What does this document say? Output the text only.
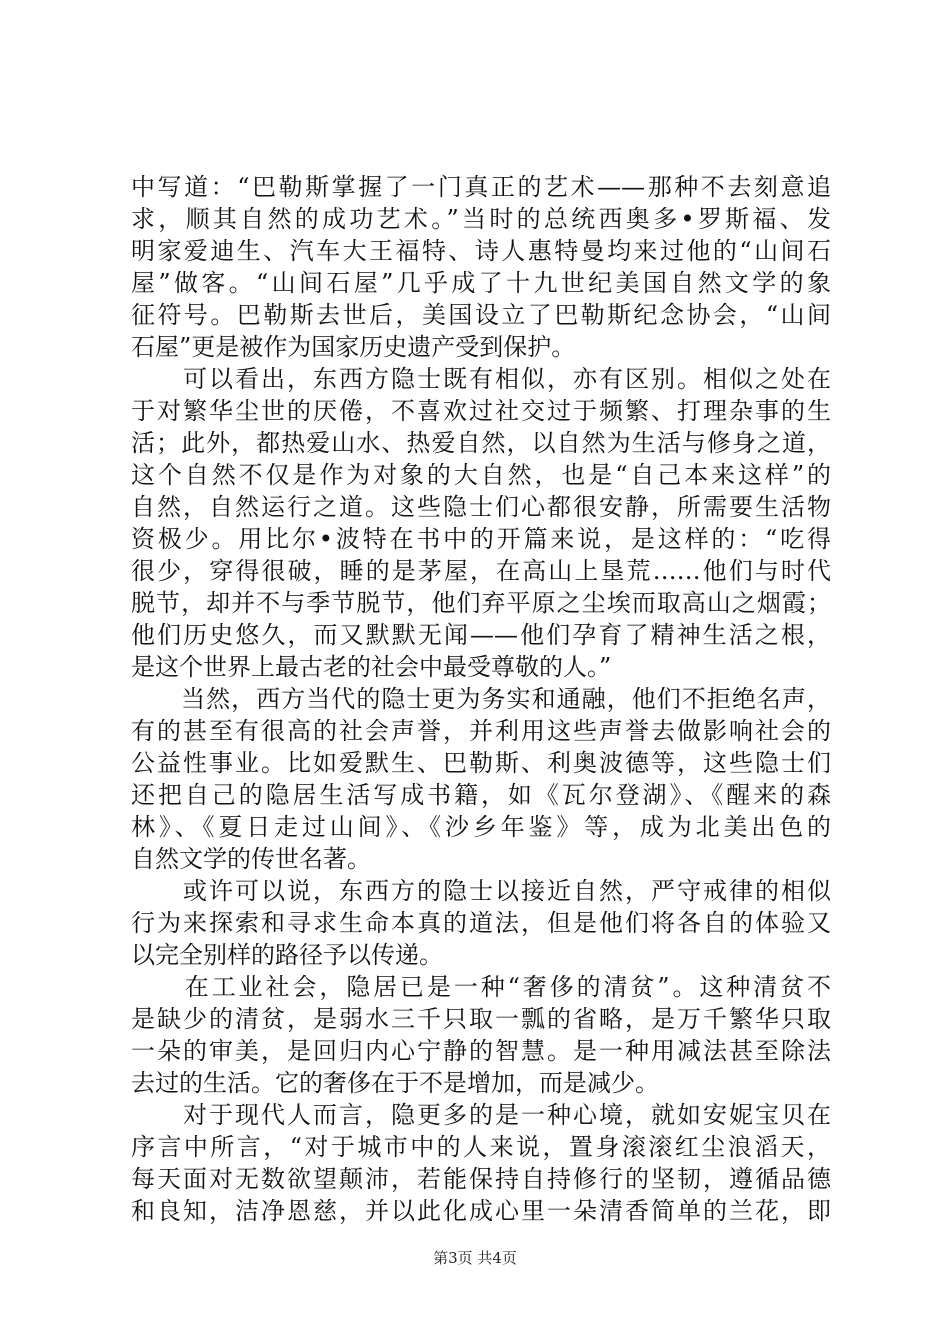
中写道：“巴勒斯掌握了一门真正的艺术——那种不去刻意追
求，顺其自然的成功艺术。”当时的总统西奥多•罗斯福、发
明家爱迪生、汽车大王福特、诗人惠特曼均来过他的“山间石
屋”做客。“山间石屋”几乎成了十九世纪美国自然文学的象
征符号。巴勒斯去世后，美国设立了巴勒斯纪念协会，“山间
石屋”更是被作为国家历史遗产受到保护。
　　可以看出，东西方隐士既有相似，亦有区别。相似之处在
于对繁华尘世的厌倦，不喜欢过社交过于频繁、打理杂事的生
活；此外，都热爱山水、热爱自然，以自然为生活与修身之道，
这个自然不仅是作为对象的大自然，也是“自己本来这样”的
自然，自然运行之道。这些隐士们心都很安静，所需要生活物
资极少。用比尔•波特在书中的开篇来说，是这样的：“吃得
很少，穿得很破，睡的是茅屋，在高山上垦荒……他们与时代
脱节，却并不与季节脱节，他们弃平原之尘埃而取高山之烟霞；
他们历史悠久，而又默默无闻——他们孕育了精神生活之根，
是这个世界上最古老的社会中最受尊敬的人。”
　　当然，西方当代的隐士更为务实和通融，他们不拒绝名声，
有的甚至有很高的社会声誉，并利用这些声誉去做影响社会的
公益性事业。比如爱默生、巴勒斯、利奥波德等，这些隐士们
还把自己的隐居生活写成书籍，如《瓦尔登湖》、《醒来的森
林》、《夏日走过山间》、《沙乡年鉴》等，成为北美出色的
自然文学的传世名著。
　　或许可以说，东西方的隐士以接近自然，严守戒律的相似
行为来探索和寻求生命本真的道法，但是他们将各自的体验又
以完全别样的路径予以传递。
　　在工业社会，隐居已是一种“奢侈的清贫”。这种清贫不
是缺少的清贫，是弱水三千只取一瓢的省略，是万千繁华只取
一朵的审美，是回归内心宁静的智慧。是一种用减法甚至除法
去过的生活。它的奢侈在于不是增加，而是减少。
　　对于现代人而言，隐更多的是一种心境，就如安妮宝贝在
序言中所言，“对于城市中的人来说，置身滚滚红尘浪滔天，
每天面对无数欲望颠沛，若能保持自持修行的坚韧，遵循品德
和良知，洁净恩慈，并以此化成心里一朵清香简单的兰花，即
第3页 共4页
